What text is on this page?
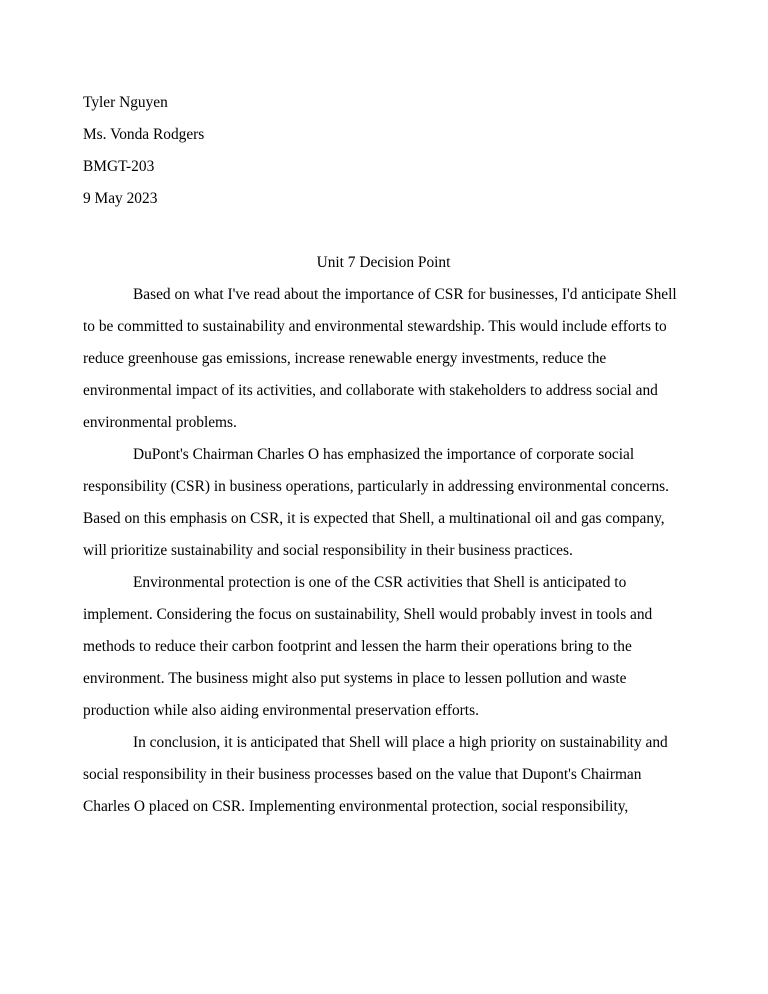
Tyler Nguyen

Ms. Vonda Rodgers

BMGT-203

9 May 2023

Unit 7 Decision Point

Based on what I've read about the importance of CSR for businesses, I'd anticipate Shell to be committed to sustainability and environmental stewardship. This would include efforts to reduce greenhouse gas emissions, increase renewable energy investments, reduce the environmental impact of its activities, and collaborate with stakeholders to address social and environmental problems.

DuPont's Chairman Charles O has emphasized the importance of corporate social responsibility (CSR) in business operations, particularly in addressing environmental concerns. Based on this emphasis on CSR, it is expected that Shell, a multinational oil and gas company, will prioritize sustainability and social responsibility in their business practices.

Environmental protection is one of the CSR activities that Shell is anticipated to implement. Considering the focus on sustainability, Shell would probably invest in tools and methods to reduce their carbon footprint and lessen the harm their operations bring to the environment. The business might also put systems in place to lessen pollution and waste production while also aiding environmental preservation efforts.

In conclusion, it is anticipated that Shell will place a high priority on sustainability and social responsibility in their business processes based on the value that Dupont's Chairman Charles O placed on CSR. Implementing environmental protection, social responsibility,
